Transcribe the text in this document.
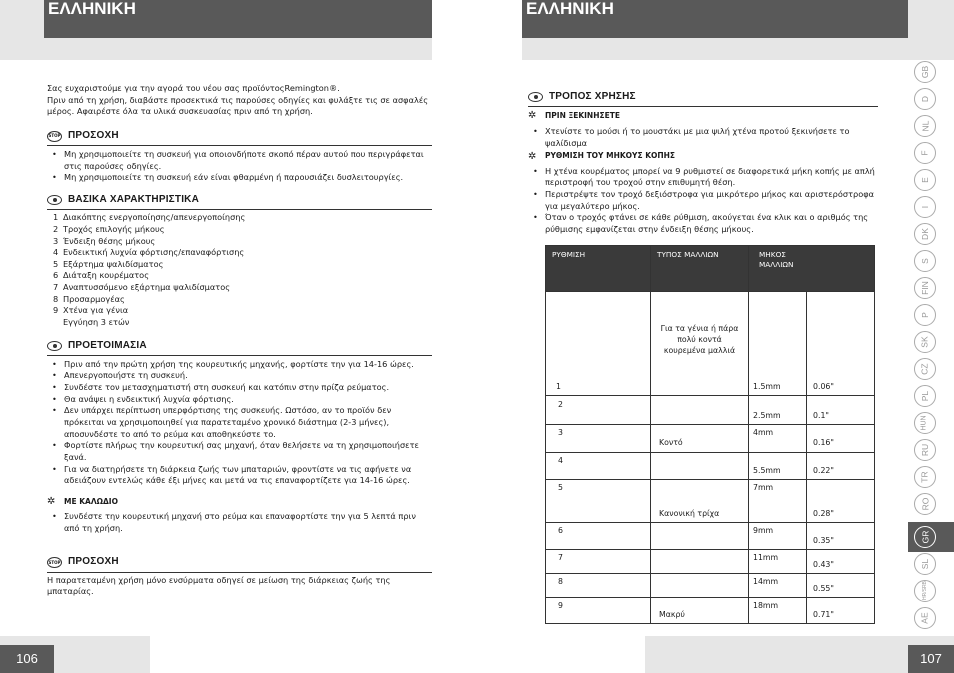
ΕΛΛΗΝΙΚΗ	ΕΛΛΗΝΙΚΗ

Σας ευχαριστούμε για την αγορά του νέου σας προϊόντοςRemington®.

Πριν από τη χρήση, διαβάστε προσεκτικά τις παρούσες οδηγίες και φυλάξτε τις σε ασφαλές

μέρος. Αφαιρέστε όλα τα υλικά συσκευασίας πριν από τη χρήση.

STOP ΠΡΟΣΟΧΗ
• Μη χρησιμοποιείτε τη συσκευή για οποιονδήποτε σκοπό πέραν αυτού που περιγράφεται στις παρούσες οδηγίες.
• Μη χρησιμοποιείτε τη συσκευή εάν είναι φθαρμένη ή παρουσιάζει δυσλειτουργίες.
ΒΑΣΙΚΑ ΧΑΡΑΚΤΗΡΙΣΤΙΚΑ
1 Διακόπτης ενεργοποίησης/απενεργοποίησης
2 Τροχός επιλογής μήκους
3 Ένδειξη θέσης μήκους
4 Ενδεικτική λυχνία φόρτισης/επαναφόρτισης
5 Εξάρτημα ψαλιδίσματος
6 Διάταξη κουρέματος
7 Αναπτυσσόμενο εξάρτημα ψαλιδίσματος
8 Προσαρμογέας
9 Χτένα για γένια
Εγγύηση 3 ετών
ΠΡΟΕΤΟΙΜΑΣΙΑ
• Πριν από την πρώτη χρήση της κουρευτικής μηχανής, φορτίστε την για 14-16 ώρες.
• Απενεργοποιήστε τη συσκευή.
• Συνδέστε τον μετασχηματιστή στη συσκευή και κατόπιν στην πρίζα ρεύματος.
• Θα ανάψει η ενδεικτική λυχνία φόρτισης.
• Δεν υπάρχει περίπτωση υπερφόρτισης της συσκευής. Ωστόσο, αν το προϊόν δεν πρόκειται να χρησιμοποιηθεί για παρατεταμένο χρονικό διάστημα (2-3 μήνες), αποσυνδέστε το από το ρεύμα και αποθηκεύστε το.
• Φορτίστε πλήρως την κουρευτική σας μηχανή, όταν θελήσετε να τη χρησιμοποιήσετε ξανά.
• Για να διατηρήσετε τη διάρκεια ζωής των μπαταριών, φροντίστε να τις αφήνετε να αδειάζουν εντελώς κάθε έξι μήνες και μετά να τις επαναφορτίζετε για 14-16 ώρες.
✲	ΜΕ ΚΑΛΩΔΙΟ
• Συνδέστε την κουρευτική μηχανή στο ρεύμα και επαναφορτίστε την για 5 λεπτά πριν από τη χρήση.
STOP ΠΡΟΣΟΧΗ

Η παρατεταμένη χρήση μόνο ενσύρματα οδηγεί σε μείωση της διάρκειας ζωής της μπαταρίας.

ΤΡΟΠΟΣ ΧΡΗΣΗΣ
✲	ΠΡΙΝ ΞΕΚΙΝΗΣΕΤΕ
• Χτενίστε το μούσι ή το μουστάκι με μια ψιλή χτένα προτού ξεκινήσετε το ψαλίδισμα
✲	ΡΥΘΜΙΣΗ ΤΟΥ ΜΗΚΟΥΣ ΚΟΠΗΣ
• Η χτένα κουρέματος μπορεί να 9 ρυθμιστεί σε διαφορετικά μήκη κοπής με απλή περιστροφή του τροχού στην επιθυμητή θέση.
• Περιστρέψτε τον τροχό δεξιόστροφα για μικρότερο μήκος και αριστερόστροφα για μεγαλύτερο μήκος.
• Όταν ο τροχός φτάνει σε κάθε ρύθμιση, ακούγεται ένα κλικ και ο αριθμός της ρύθμισης εμφανίζεται στην ένδειξη θέσης μήκους.
ΡΥΘΜΙΣΗ	ΤΥΠΟΣ ΜΑΛΛΙΩΝ	ΜΗΚΟΣ ΜΑΛΛΙΩΝ	

1	Για τα γένια ή πάρα πολύ κοντά κουρεμένα μαλλιά	1.5mm	0.06"
2		2.5mm	0.1"
3	Κοντό	4mm	0.16"
4		5.5mm	0.22"
5	Κανονική τρίχα	7mm	0.28"
6		9mm	0.35"
7		11mm	0.43"
8		14mm	0.55"
9	Μακρύ	18mm	0.71"
GB
D
NL
F
E
I
DK
S
FIN
P
SK
CZ
PL
HUN
RU
TR
RO
GR
SL
HR/SRB
AE
106	107
